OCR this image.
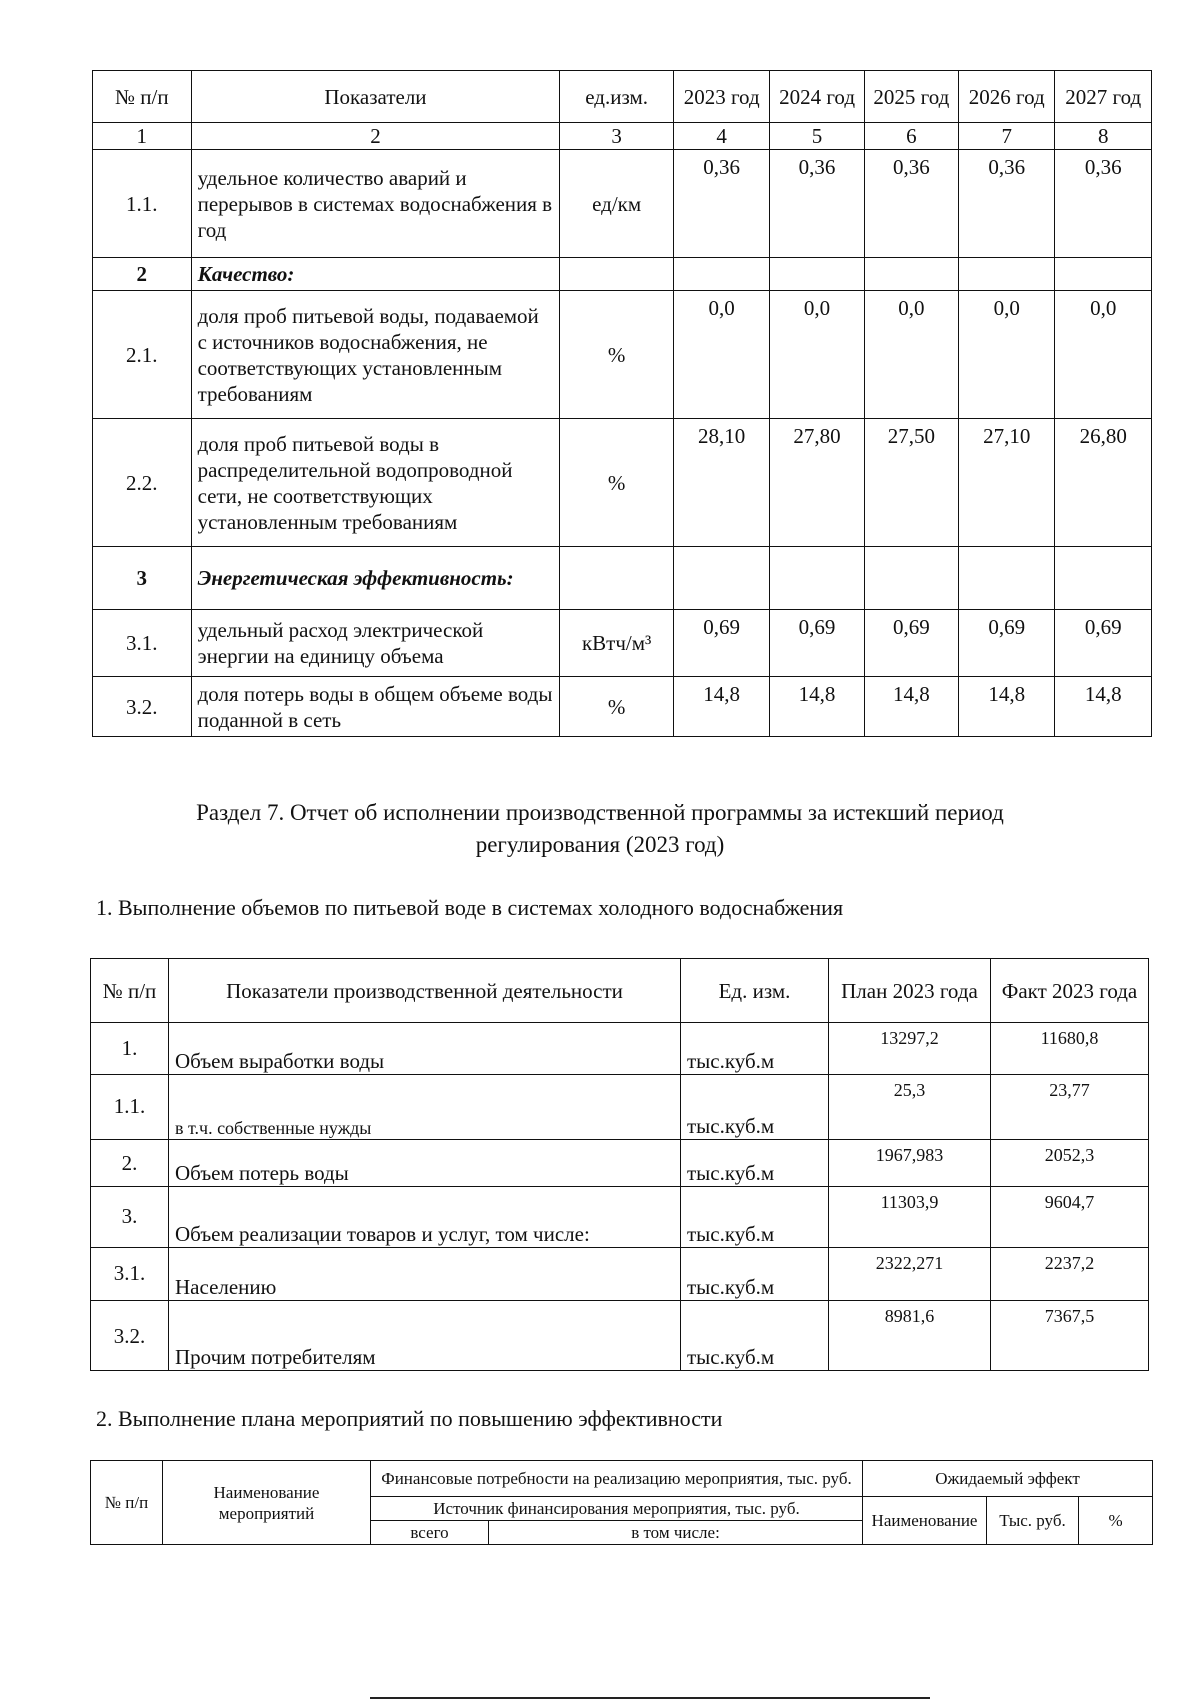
№ п/п	Показатели	ед.изм.	2023 год	2024 год	2025 год	2026 год	2027 год
1	2	3	4	5	6	7	8
1.1.	удельное количество аварий и перерывов в системах водоснабжения в год	ед/км	0,36	0,36	0,36	0,36	0,36
2	Качество:						
2.1.	доля проб питьевой воды, подаваемой с источников водоснабжения, не соответствующих установленным требованиям	%	0,0	0,0	0,0	0,0	0,0
2.2.	доля проб питьевой воды в распределительной водопроводной сети, не соответствующих установленным требованиям	%	28,10	27,80	27,50	27,10	26,80
3	Энергетическая эффективность:						
3.1.	удельный расход электрической энергии на единицу объема	кВтч/м³	0,69	0,69	0,69	0,69	0,69
3.2.	доля потерь воды в общем объеме воды поданной в сеть	%	14,8	14,8	14,8	14,8	14,8
Раздел 7. Отчет об исполнении производственной программы за истекший период
регулирования (2023 год)
1. Выполнение объемов по питьевой воде в системах холодного водоснабжения
№ п/п	Показатели производственной деятельности	Ед. изм.	План 2023 года	Факт 2023 года
1.	Объем выработки воды	тыс.куб.м	13297,2	11680,8
1.1.	в т.ч. собственные нужды	тыс.куб.м	25,3	23,77
2.	Объем потерь воды	тыс.куб.м	1967,983	2052,3
3.	Объем реализации товаров и услуг, том числе:	тыс.куб.м	11303,9	9604,7
3.1.	Населению	тыс.куб.м	2322,271	2237,2
3.2.	Прочим потребителям	тыс.куб.м	8981,6	7367,5
2. Выполнение плана мероприятий по повышению эффективности
№ п/п	Наименование мероприятий	Финансовые потребности на реализацию мероприятия, тыс. руб.		Ожидаемый эффект		
		Источник финансирования мероприятия, тыс. руб.		Наименование	Тыс. руб.	%
		всего	в том числе:			
